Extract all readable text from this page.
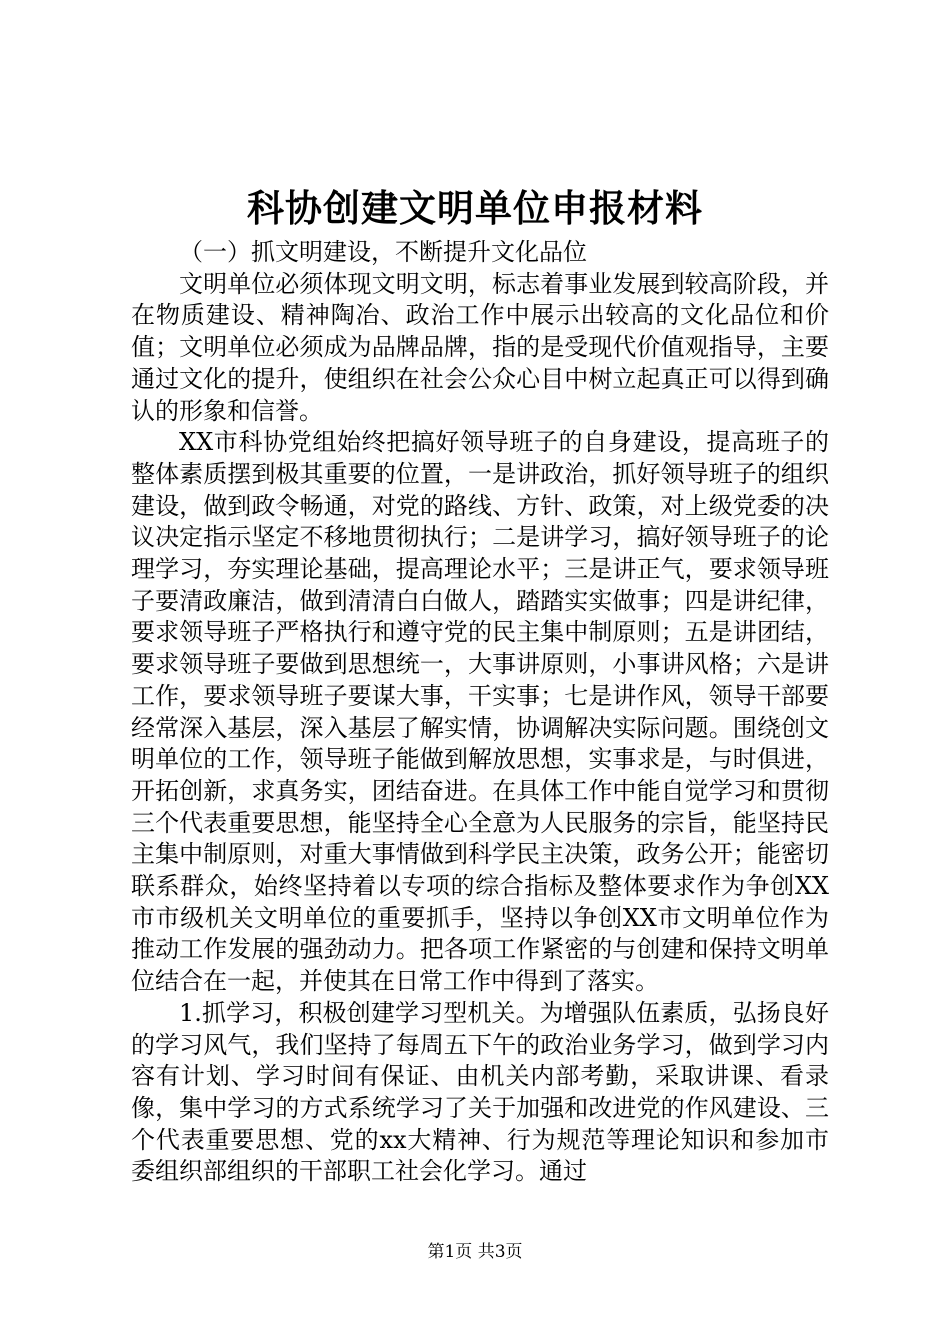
科协创建文明单位申报材料

（一）抓文明建设，不断提升文化品位

文明单位必须体现文明文明，标志着事业发展到较高阶段，并在物质建设、精神陶冶、政治工作中展示出较高的文化品位和价值；文明单位必须成为品牌品牌，指的是受现代价值观指导，主要通过文化的提升，使组织在社会公众心目中树立起真正可以得到确认的形象和信誉。

XX市科协党组始终把搞好领导班子的自身建设，提高班子的整体素质摆到极其重要的位置，一是讲政治，抓好领导班子的组织建设，做到政令畅通，对党的路线、方针、政策，对上级党委的决议决定指示坚定不移地贯彻执行；二是讲学习，搞好领导班子的论理学习，夯实理论基础，提高理论水平；三是讲正气，要求领导班子要清政廉洁，做到清清白白做人，踏踏实实做事；四是讲纪律，要求领导班子严格执行和遵守党的民主集中制原则；五是讲团结，要求领导班子要做到思想统一，大事讲原则，小事讲风格；六是讲工作，要求领导班子要谋大事，干实事；七是讲作风，领导干部要经常深入基层，深入基层了解实情，协调解决实际问题。围绕创文明单位的工作，领导班子能做到解放思想，实事求是，与时俱进，开拓创新，求真务实，团结奋进。在具体工作中能自觉学习和贯彻三个代表重要思想，能坚持全心全意为人民服务的宗旨，能坚持民主集中制原则，对重大事情做到科学民主决策，政务公开；能密切联系群众，始终坚持着以专项的综合指标及整体要求作为争创XX市市级机关文明单位的重要抓手，坚持以争创XX市文明单位作为推动工作发展的强劲动力。把各项工作紧密的与创建和保持文明单位结合在一起，并使其在日常工作中得到了落实。

1.抓学习，积极创建学习型机关。为增强队伍素质，弘扬良好的学习风气，我们坚持了每周五下午的政治业务学习，做到学习内容有计划、学习时间有保证、由机关内部考勤，采取讲课、看录像，集中学习的方式系统学习了关于加强和改进党的作风建设、三个代表重要思想、党的xx大精神、行为规范等理论知识和参加市委组织部组织的干部职工社会化学习。通过

第1页 共3页
